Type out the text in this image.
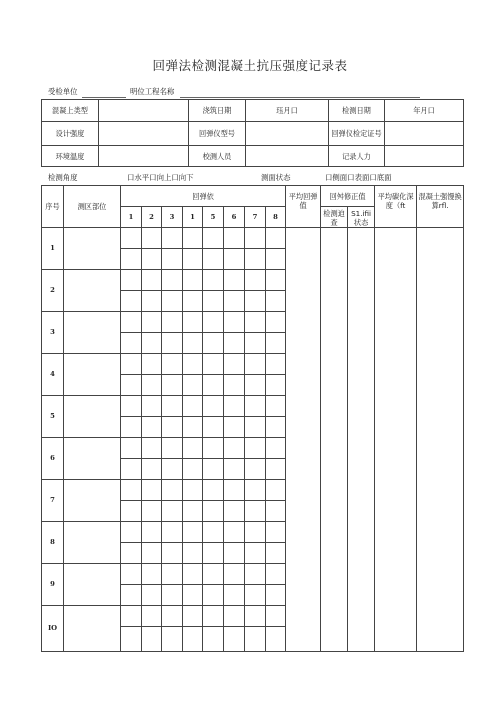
回弹法检测混凝土抗压强度记录表
受检单位	明位工程名称
混凝上类型		浇筑日期	珏月口	检测日期	年月口
设计强度		回弹仪型号		回弹仪检定证号	
环境温度		校测人员		记录人力	
检测角度	口水平口向上口向下	测面状态	口侧面口表面口底面
序号	测区部位	回弹依								平均回弹值	回舛修正值		平均碳化深度（ft	混凝土强馒换算rfl.
		1	2	3	1	5	6	7	8		检测迫查	S1.ifii状态		
1														

2														

3														

4														

5														

6														

7														

8														

9														

IO														
